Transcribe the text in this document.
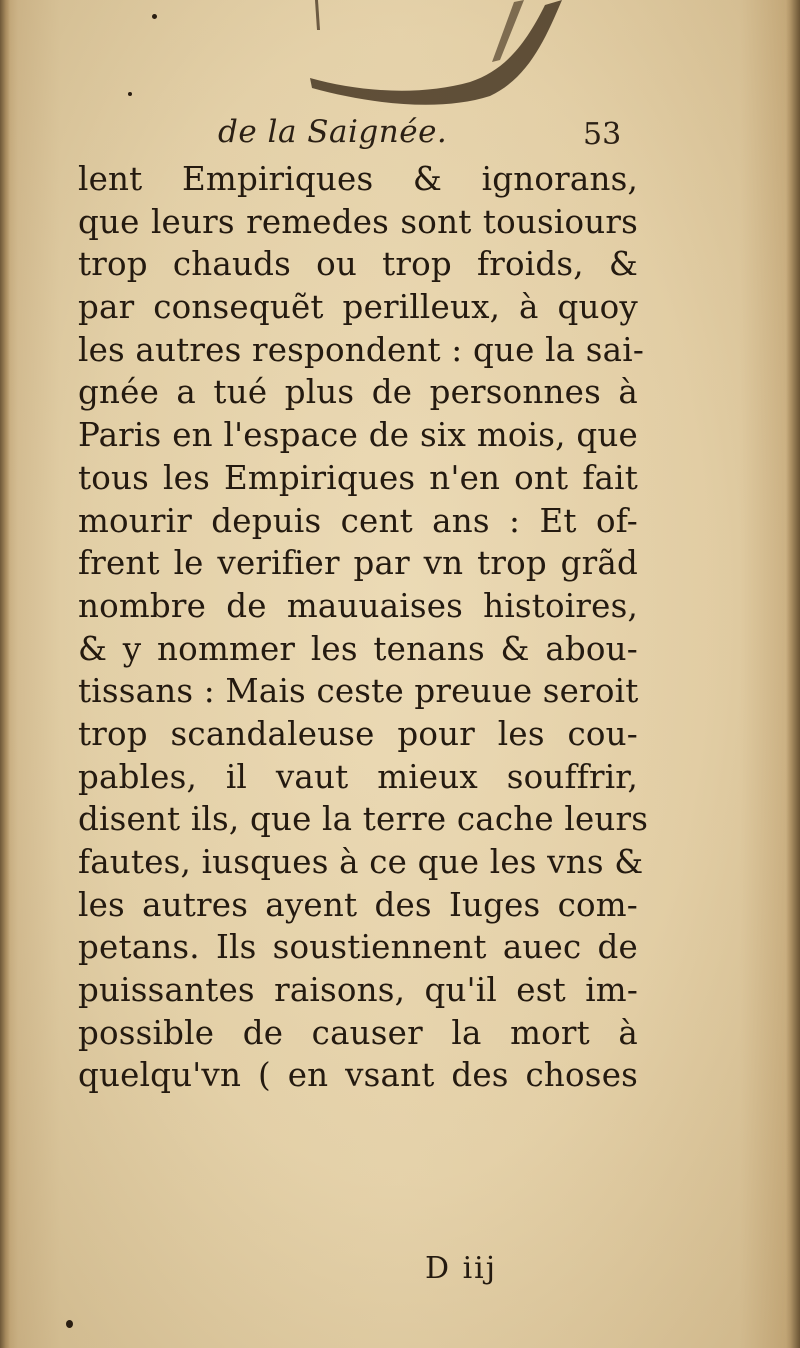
de la Saignée.	53
lent Empiriques & ignorans,
que leurs remedes sont tousiours
trop chauds ou trop froids, &
par consequẽt perilleux, à quoy
les autres respondent : que la sai-
gnée a tué plus de personnes à
Paris en l'espace de six mois, que
tous les Empiriques n'en ont fait
mourir depuis cent ans : Et of-
frent le verifier par vn trop grãd
nombre de mauuaises histoires,
& y nommer les tenans & abou-
tissans : Mais ceste preuue seroit
trop scandaleuse pour les cou-
pables, il vaut mieux souffrir,
disent ils, que la terre cache leurs
fautes, iusques à ce que les vns &
les autres ayent des Iuges com-
petans. Ils soustiennent auec de
puissantes raisons, qu'il est im-
possible de causer la mort à
quelqu'vn ( en vsant des choses
D iij
